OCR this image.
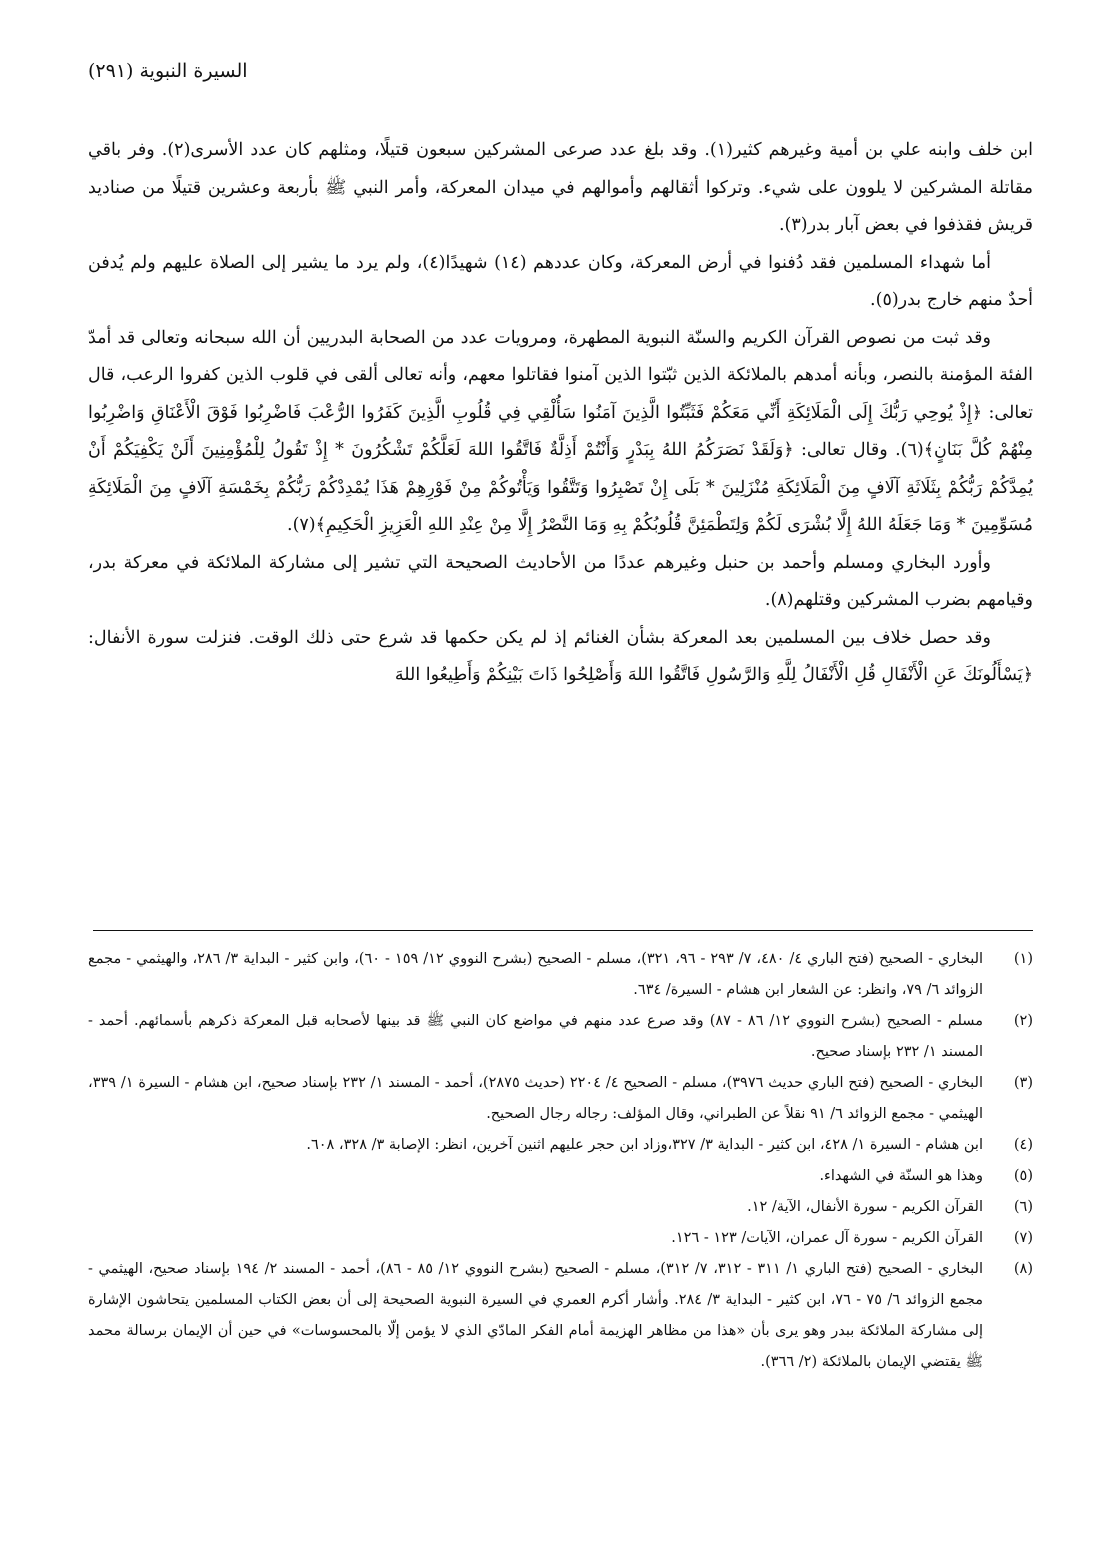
السيرة النبوية (٢٩١)

ابن خلف وابنه علي بن أمية وغيرهم كثير(١). وقد بلغ عدد صرعى المشركين سبعون قتيلًا، ومثلهم كان عدد الأسرى(٢). وفر باقي مقاتلة المشركين لا يلوون على شيء. وتركوا أثقالهم وأموالهم في ميدان المعركة، وأمر النبي ﷺ بأربعة وعشرين قتيلًا من صناديد قريش فقذفوا في بعض آبار بدر(٣).

أما شهداء المسلمين فقد دُفنوا في أرض المعركة، وكان عددهم (١٤) شهيدًا(٤)، ولم يرد ما يشير إلى الصلاة عليهم ولم يُدفن أحدٌ منهم خارج بدر(٥).

وقد ثبت من نصوص القرآن الكريم والسنّة النبوية المطهرة، ومرويات عدد من الصحابة البدريين أن الله سبحانه وتعالى قد أمدّ الفئة المؤمنة بالنصر، وبأنه أمدهم بالملائكة الذين ثبّتوا الذين آمنوا فقاتلوا معهم، وأنه تعالى ألقى في قلوب الذين كفروا الرعب، قال تعالى: ﴿إِذْ يُوحِي رَبُّكَ إِلَى الْمَلَائِكَةِ أَنِّي مَعَكُمْ فَثَبِّتُوا الَّذِينَ آمَنُوا سَأُلْقِي فِي قُلُوبِ الَّذِينَ كَفَرُوا الرُّعْبَ فَاضْرِبُوا فَوْقَ الْأَعْنَاقِ وَاضْرِبُوا مِنْهُمْ كُلَّ بَنَانٍ﴾(٦). وقال تعالى: ﴿وَلَقَدْ نَصَرَكُمُ اللهُ بِبَدْرٍ وَأَنْتُمْ أَذِلَّةٌ فَاتَّقُوا اللهَ لَعَلَّكُمْ تَشْكُرُونَ * إِذْ تَقُولُ لِلْمُؤْمِنِينَ أَلَنْ يَكْفِيَكُمْ أَنْ يُمِدَّكُمْ رَبُّكُمْ بِثَلَاثَةِ آلَافٍ مِنَ الْمَلَائِكَةِ مُنْزَلِينَ * بَلَى إِنْ تَصْبِرُوا وَتَتَّقُوا وَيَأْتُوكُمْ مِنْ فَوْرِهِمْ هَذَا يُمْدِدْكُمْ رَبُّكُمْ بِخَمْسَةِ آلَافٍ مِنَ الْمَلَائِكَةِ مُسَوِّمِينَ * وَمَا جَعَلَهُ اللهُ إِلَّا بُشْرَى لَكُمْ وَلِتَطْمَئِنَّ قُلُوبُكُمْ بِهِ وَمَا النَّصْرُ إِلَّا مِنْ عِنْدِ اللهِ الْعَزِيزِ الْحَكِيمِ﴾(٧).

وأورد البخاري ومسلم وأحمد بن حنبل وغيرهم عددًا من الأحاديث الصحيحة التي تشير إلى مشاركة الملائكة في معركة بدر، وقيامهم بضرب المشركين وقتلهم(٨).

وقد حصل خلاف بين المسلمين بعد المعركة بشأن الغنائم إذ لم يكن حكمها قد شرع حتى ذلك الوقت. فنزلت سورة الأنفال: ﴿يَسْأَلُونَكَ عَنِ الْأَنْفَالِ قُلِ الْأَنْفَالُ لِلَّهِ وَالرَّسُولِ فَاتَّقُوا اللهَ وَأَصْلِحُوا ذَاتَ بَيْنِكُمْ وَأَطِيعُوا اللهَ

(١)
البخاري - الصحيح (فتح الباري ٤/ ٤٨٠، ٧/ ٢٩٣ - ٩٦، ٣٢١)، مسلم - الصحيح (بشرح النووي ١٢/ ١٥٩ - ٦٠)، وابن كثير - البداية ٣/ ٢٨٦، والهيثمي - مجمع الزوائد ٦/ ٧٩، وانظر: عن الشعار ابن هشام - السيرة/ ٦٣٤.
(٢)
مسلم - الصحيح (بشرح النووي ١٢/ ٨٦ - ٨٧) وقد صرع عدد منهم في مواضع كان النبي ﷺ قد بينها لأصحابه قبل المعركة ذكرهم بأسمائهم. أحمد - المسند ١/ ٢٣٢ بإسناد صحيح.
(٣)
البخاري - الصحيح (فتح الباري حديث ٣٩٧٦)، مسلم - الصحيح ٤/ ٢٢٠٤ (حديث ٢٨٧٥)، أحمد - المسند ١/ ٢٣٢ بإسناد صحيح، ابن هشام - السيرة ١/ ٣٣٩، الهيثمي - مجمع الزوائد ٦/ ٩١ نقلاً عن الطبراني، وقال المؤلف: رجاله رجال الصحيح.
(٤)
ابن هشام - السيرة ١/ ٤٢٨، ابن كثير - البداية ٣/ ٣٢٧،وزاد ابن حجر عليهم اثنين آخرين، انظر: الإصابة ٣/ ٣٢٨، ٦٠٨.
(٥)
وهذا هو السنّة في الشهداء.
(٦)
القرآن الكريم - سورة الأنفال، الآية/ ١٢.
(٧)
القرآن الكريم - سورة آل عمران، الآيات/ ١٢٣ - ١٢٦.
(٨)
البخاري - الصحيح (فتح الباري ١/ ٣١١ - ٣١٢، ٧/ ٣١٢)، مسلم - الصحيح (بشرح النووي ١٢/ ٨٥ - ٨٦)، أحمد - المسند ٢/ ١٩٤ بإسناد صحيح، الهيثمي - مجمع الزوائد ٦/ ٧٥ - ٧٦، ابن كثير - البداية ٣/ ٢٨٤. وأشار أكرم العمري في السيرة النبوية الصحيحة إلى أن بعض الكتاب المسلمين يتحاشون الإشارة إلى مشاركة الملائكة ببدر وهو يرى بأن «هذا من مظاهر الهزيمة أمام الفكر المادّي الذي لا يؤمن إلّا بالمحسوسات» في حين أن الإيمان برسالة محمد ﷺ يقتضي الإيمان بالملائكة (٢/ ٣٦٦).
